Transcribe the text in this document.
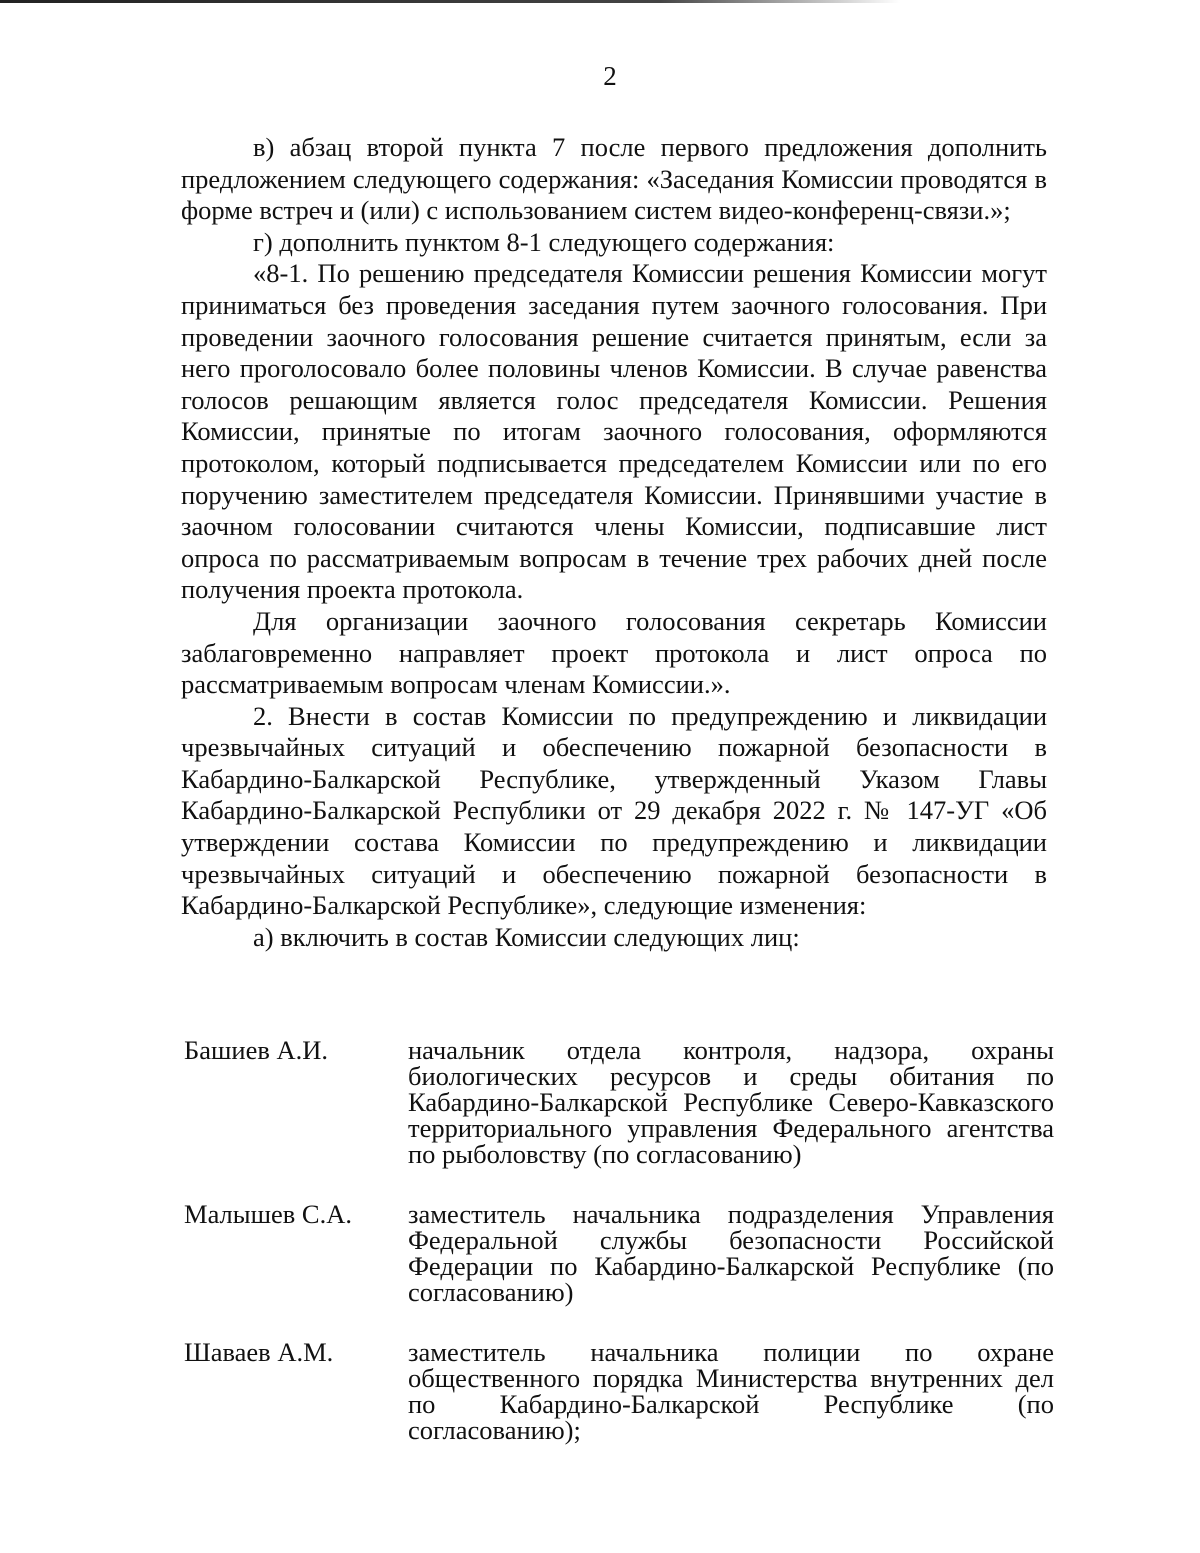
2

в) абзац второй пункта 7 после первого предложения дополнить предложением следующего содержания: «Заседания Комиссии проводятся в форме встреч и (или) с использованием систем видео-конференц-связи.»;

г) дополнить пунктом 8-1 следующего содержания:

«8-1. По решению председателя Комиссии решения Комиссии могут приниматься без проведения заседания путем заочного голосования. При проведении заочного голосования решение считается принятым, если за него проголосовало более половины членов Комиссии. В случае равенства голосов решающим является голос председателя Комиссии. Решения Комиссии, принятые по итогам заочного голосования, оформляются протоколом, который подписывается председателем Комиссии или по его поручению заместителем председателя Комиссии. Принявшими участие в заочном голосовании считаются члены Комиссии, подписавшие лист опроса по рассматриваемым вопросам в течение трех рабочих дней после получения проекта протокола.

Для организации заочного голосования секретарь Комиссии заблаговременно направляет проект протокола и лист опроса по рассматриваемым вопросам членам Комиссии.».

2. Внести в состав Комиссии по предупреждению и ликвидации чрезвычайных ситуаций и обеспечению пожарной безопасности в Кабардино-Балкарской Республике, утвержденный Указом Главы Кабардино-Балкарской Республики от 29 декабря 2022 г. № 147-УГ «Об утверждении состава Комиссии по предупреждению и ликвидации чрезвычайных ситуаций и обеспечению пожарной безопасности в Кабардино-Балкарской Республике», следующие изменения:

а) включить в состав Комиссии следующих лиц:

Башиев А.И.	начальник отдела контроля, надзора, охраны биологических ресурсов и среды обитания по Кабардино-Балкарской Республике Северо-Кавказского территориального управления Федерального агентства по рыболовству (по согласованию)
Малышев С.А.	заместитель начальника подразделения Управления Федеральной службы безопасности Российской Федерации по Кабардино-Балкарской Республике (по согласованию)
Шаваев А.М.	заместитель начальника полиции по охране общественного порядка Министерства внутренних дел по Кабардино-Балкарской Республике (по согласованию);
